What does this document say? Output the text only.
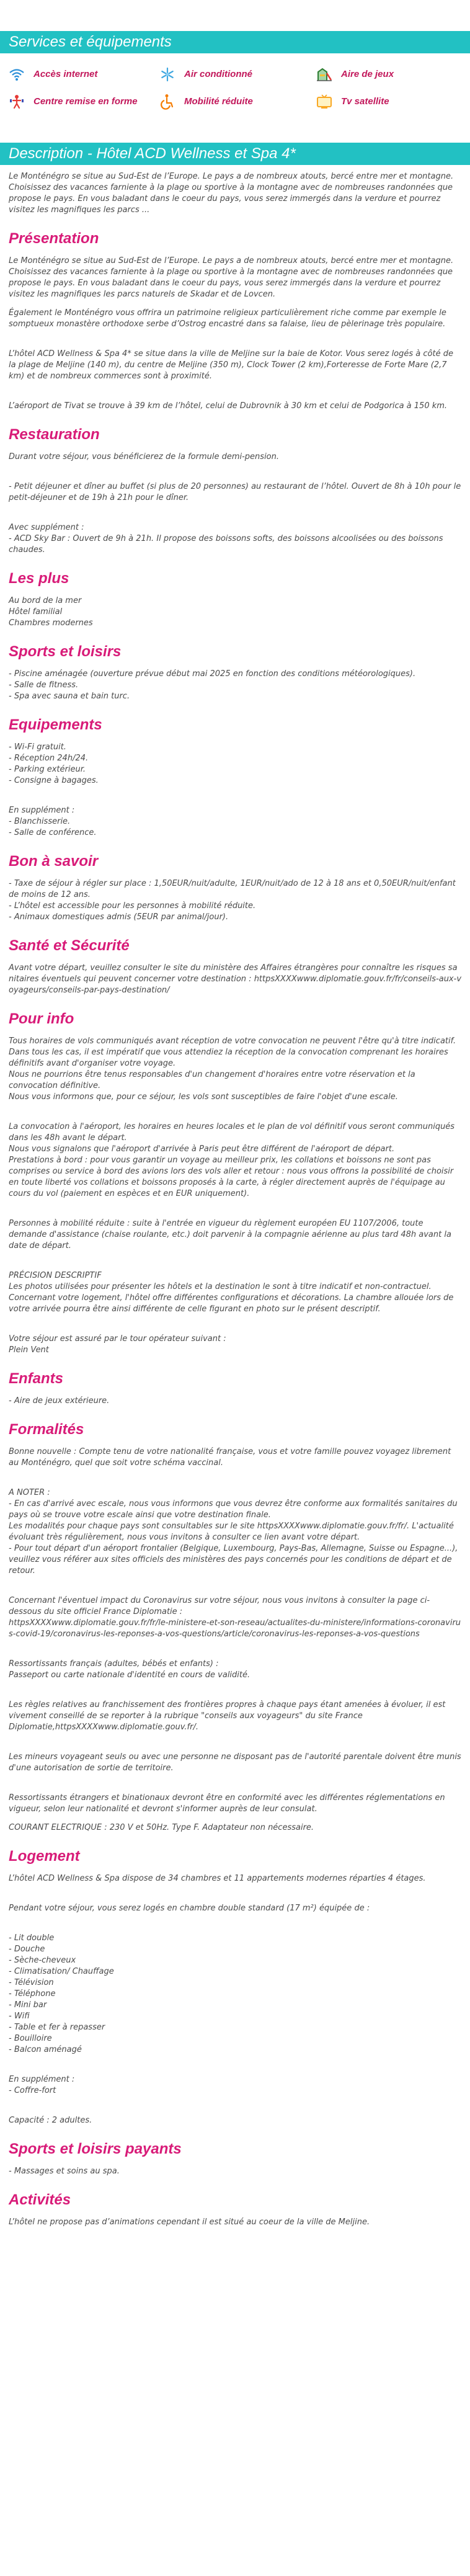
Services et équipements
Accès internet	Air conditionné	Aire de jeux
Centre remise en forme	Mobilité réduite	Tv satellite
Description - Hôtel ACD Wellness et Spa 4*

Le Monténégro se situe au Sud-Est de l’Europe. Le pays a de nombreux atouts, bercé entre mer et montagne. Choisissez des vacances farniente à la plage ou sportive à la montagne avec de nombreuses randonnées que propose le pays. En vous baladant dans le coeur du pays, vous serez immergés dans la verdure et pourrez visitez les magnifiques les parcs ...

Présentation

Le Monténégro se situe au Sud-Est de l’Europe. Le pays a de nombreux atouts, bercé entre mer et montagne. Choisissez des vacances farniente à la plage ou sportive à la montagne avec de nombreuses randonnées que propose le pays. En vous baladant dans le coeur du pays, vous serez immergés dans la verdure et pourrez visitez les magnifiques les parcs naturels de Skadar et de Lovcen.

Également le Monténégro vous offrira un patrimoine religieux particulièrement riche comme par exemple le somptueux monastère orthodoxe serbe d’Ostrog encastré dans sa falaise, lieu de pèlerinage très populaire.

L’hôtel ACD Wellness & Spa 4* se situe dans la ville de Meljine sur la baie de Kotor. Vous serez logés à côté de la plage de Meljine (140 m), du centre de Meljine (350 m), Clock Tower (2 km),Forteresse de Forte Mare (2,7 km) et de nombreux commerces sont à proximité.

L’aéroport de Tivat se trouve à 39 km de l’hôtel, celui de Dubrovnik à 30 km et celui de Podgorica à 150 km.

Restauration

Durant votre séjour, vous bénéficierez de la formule demi-pension.

- Petit déjeuner et dîner au buffet (si plus de 20 personnes) au restaurant de l’hôtel. Ouvert de 8h à 10h pour le petit-déjeuner et de 19h à 21h pour le dîner.

Avec supplément :
- ACD Sky Bar : Ouvert de 9h à 21h. Il propose des boissons softs, des boissons alcoolisées ou des boissons chaudes.
Les plus
Au bord de la mer
Hôtel familial
Chambres modernes
Sports et loisirs
- Piscine aménagée (ouverture prévue début mai 2025 en fonction des conditions météorologiques).
- Salle de fitness.
- Spa avec sauna et bain turc.
Equipements
- Wi-Fi gratuit.
- Réception 24h/24.
- Parking extérieur.
- Consigne à bagages.
En supplément :
- Blanchisserie.
- Salle de conférence.
Bon à savoir
- Taxe de séjour à régler sur place : 1,50EUR/nuit/adulte, 1EUR/nuit/ado de 12 à 18 ans et 0,50EUR/nuit/enfant de moins de 12 ans.
- L’hôtel est accessible pour les personnes à mobilité réduite.
- Animaux domestiques admis (5EUR par animal/jour).
Santé et Sécurité

Avant votre départ, veuillez consulter le site du ministère des Affaires étrangères pour connaître les risques sanitaires éventuels qui peuvent concerner votre destination : httpsXXXXwww.diplomatie.gouv.fr/fr/conseils-aux-voyageurs/conseils-par-pays-destination/

Pour info
Tous horaires de vols communiqués avant réception de votre convocation ne peuvent l'être qu'à titre indicatif.
Dans tous les cas, il est impératif que vous attendiez la réception de la convocation comprenant les horaires définitifs avant d'organiser votre voyage.
Nous ne pourrions être tenus responsables d'un changement d'horaires entre votre réservation et la convocation définitive.
Nous vous informons que, pour ce séjour, les vols sont susceptibles de faire l'objet d'une escale.
La convocation à l'aéroport, les horaires en heures locales et le plan de vol définitif vous seront communiqués dans les 48h avant le départ.
Nous vous signalons que l'aéroport d'arrivée à Paris peut être différent de l'aéroport de départ.
Prestations à bord : pour vous garantir un voyage au meilleur prix, les collations et boissons ne sont pas comprises ou service à bord des avions lors des vols aller et retour : nous vous offrons la possibilité de choisir en toute liberté vos collations et boissons proposés à la carte, à régler directement auprès de l'équipage au cours du vol (paiement en espèces et en EUR uniquement).

Personnes à mobilité réduite : suite à l'entrée en vigueur du règlement européen EU 1107/2006, toute demande d'assistance (chaise roulante, etc.) doit parvenir à la compagnie aérienne au plus tard 48h avant la date de départ.

PRÉCISION DESCRIPTIF
Les photos utilisées pour présenter les hôtels et la destination le sont à titre indicatif et non-contractuel. Concernant votre logement, l'hôtel offre différentes configurations et décorations. La chambre allouée lors de votre arrivée pourra être ainsi différente de celle figurant en photo sur le présent descriptif.
Votre séjour est assuré par le tour opérateur suivant :
Plein Vent
Enfants

- Aire de jeux extérieure.

Formalités

Bonne nouvelle : Compte tenu de votre nationalité française, vous et votre famille pouvez voyagez librement au Monténégro, quel que soit votre schéma vaccinal.

A NOTER :
- En cas d'arrivé avec escale, nous vous informons que vous devrez être conforme aux formalités sanitaires du pays où se trouve votre escale ainsi que votre destination finale.
Les modalités pour chaque pays sont consultables sur le site httpsXXXXwww.diplomatie.gouv.fr/fr/. L'actualité évoluant très régulièrement, nous vous invitons à consulter ce lien avant votre départ.
- Pour tout départ d'un aéroport frontalier (Belgique, Luxembourg, Pays-Bas, Allemagne, Suisse ou Espagne...), veuillez vous référer aux sites officiels des ministères des pays concernés pour les conditions de départ et de retour.
Concernant l'éventuel impact du Coronavirus sur votre séjour, nous vous invitons à consulter la page ci-dessous du site officiel France Diplomatie :
httpsXXXXwww.diplomatie.gouv.fr/fr/le-ministere-et-son-reseau/actualites-du-ministere/informations-coronavirus-covid-19/coronavirus-les-reponses-a-vos-questions/article/coronavirus-les-reponses-a-vos-questions
Ressortissants français (adultes, bébés et enfants) :
Passeport ou carte nationale d'identité en cours de validité.

Les règles relatives au franchissement des frontières propres à chaque pays étant amenées à évoluer, il est vivement conseillé de se reporter à la rubrique "conseils aux voyageurs" du site France Diplomatie,httpsXXXXwww.diplomatie.gouv.fr/.

Les mineurs voyageant seuls ou avec une personne ne disposant pas de l'autorité parentale doivent être munis d'une autorisation de sortie de territoire.

Ressortissants étrangers et binationaux devront être en conformité avec les différentes réglementations en vigueur, selon leur nationalité et devront s'informer auprès de leur consulat.

COURANT ELECTRIQUE : 230 V et 50Hz. Type F. Adaptateur non nécessaire.

Logement

L’hôtel ACD Wellness & Spa dispose de 34 chambres et 11 appartements modernes réparties 4 étages.

Pendant votre séjour, vous serez logés en chambre double standard (17 m²) équipée de :

- Lit double
- Douche
- Sèche-cheveux
- Climatisation/ Chauffage
- Télévision
- Téléphone
- Mini bar
- Wifi
- Table et fer à repasser
- Bouilloire
- Balcon aménagé
En supplément :
- Coffre-fort

Capacité : 2 adultes.

Sports et loisirs payants

- Massages et soins au spa.

Activités

L’hôtel ne propose pas d’animations cependant il est situé au coeur de la ville de Meljine.
